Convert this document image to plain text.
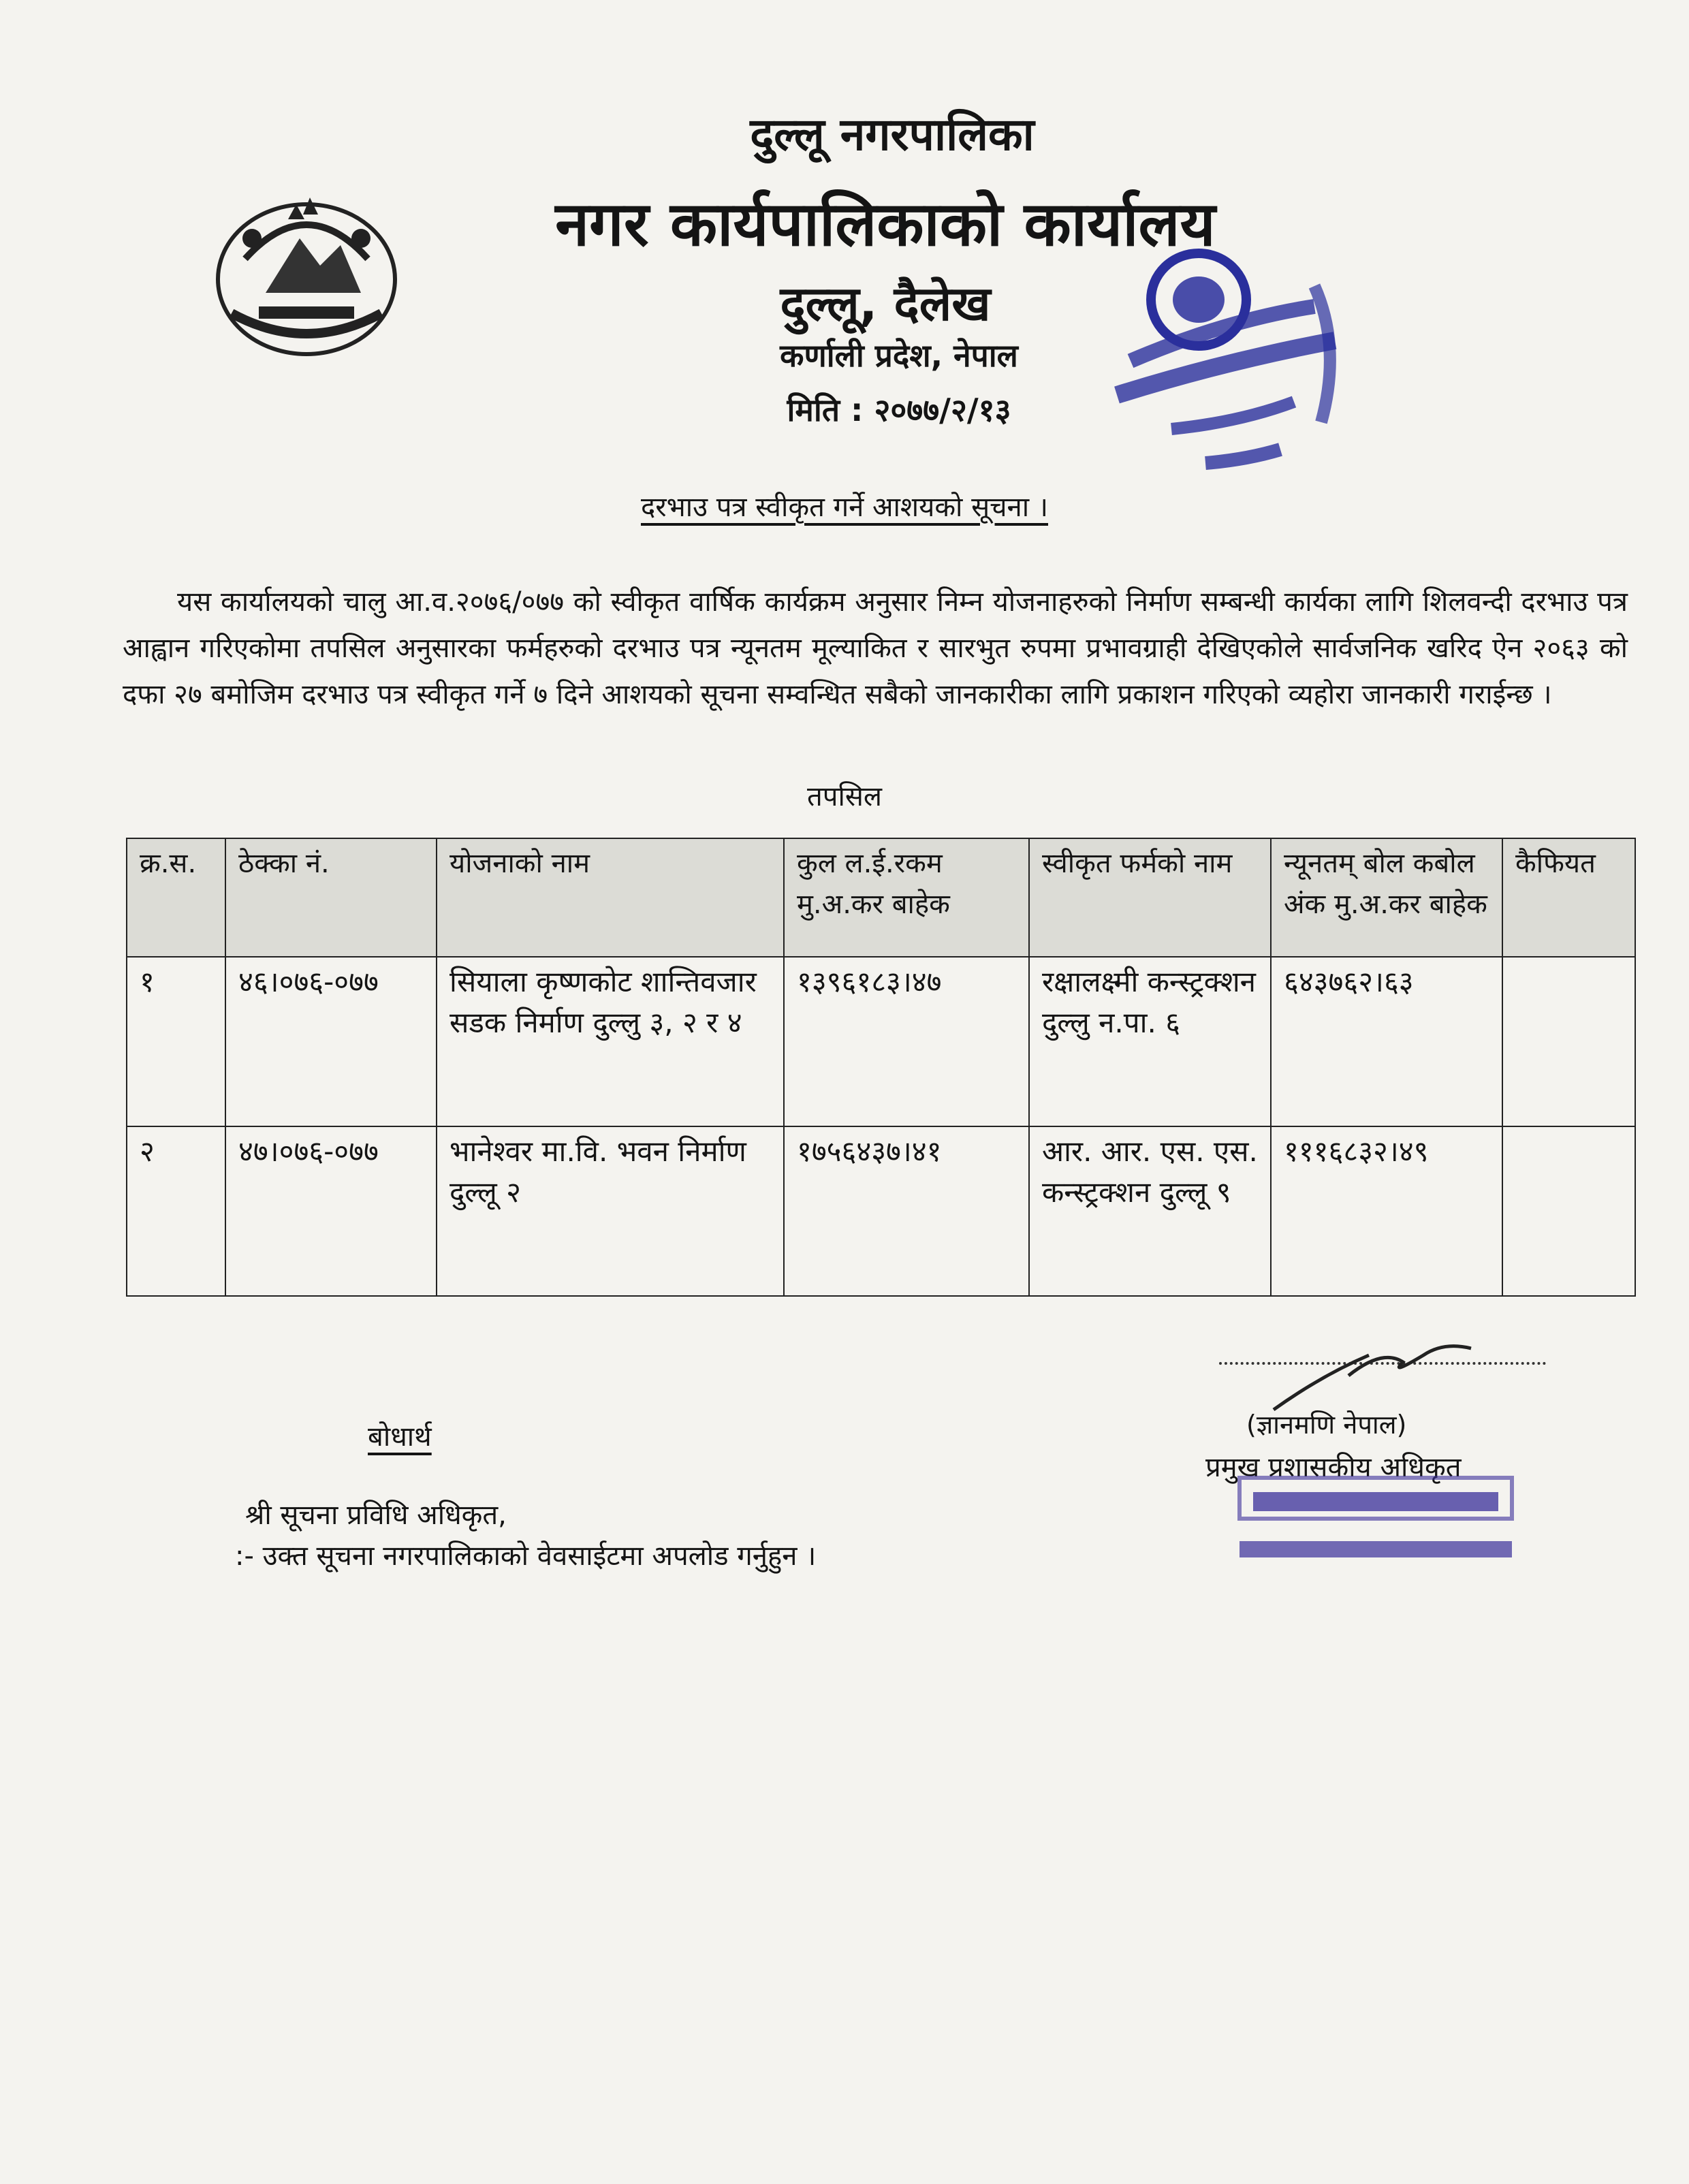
दुल्लू नगरपालिका
नगर कार्यपालिकाको कार्यालय
दुल्लू, दैलेख
कर्णाली प्रदेश, नेपाल
मिति : २०७७/२/१३
दरभाउ पत्र स्वीकृत गर्ने आशयको सूचना ।
यस कार्यालयको चालु आ.व.२०७६/०७७ को स्वीकृत वार्षिक कार्यक्रम अनुसार निम्न योजनाहरुको निर्माण सम्बन्धी कार्यका लागि शिलवन्दी दरभाउ पत्र आह्वान गरिएकोमा तपसिल अनुसारका फर्महरुको दरभाउ पत्र न्यूनतम मूल्याकित र सारभुत रुपमा प्रभावग्राही देखिएकोले सार्वजनिक खरिद ऐन २०६३ को दफा २७ बमोजिम दरभाउ पत्र स्वीकृत गर्ने ७ दिने आशयको सूचना सम्वन्धित सबैको जानकारीका लागि प्रकाशन गरिएको व्यहोरा जानकारी गराईन्छ ।
तपसिल
क्र.स.	ठेक्का नं.	योजनाको नाम	कुल ल.ई.रकम मु.अ.कर बाहेक	स्वीकृत फर्मको नाम	न्यूनतम् बोल कबोल अंक मु.अ.कर बाहेक	कैफियत
१	४६।०७६-०७७	सियाला कृष्णकोट शान्तिवजार सडक निर्माण दुल्लु ३, २ र ४	१३९६१८३।४७	रक्षालक्ष्मी कन्स्ट्रक्शन दुल्लु न.पा. ६	६४३७६२।६३	
२	४७।०७६-०७७	भानेश्वर मा.वि. भवन निर्माण दुल्लू २	१७५६४३७।४१	आर. आर. एस. एस. कन्स्ट्रक्शन दुल्लू ९	१११६८३२।४९	
(ज्ञानमणि नेपाल)
प्रमुख प्रशासकीय अधिकृत
बोधार्थ
श्री सूचना प्रविधि अधिकृत,
:- उक्त सूचना नगरपालिकाको वेवसाईटमा अपलोड गर्नुहुन ।
